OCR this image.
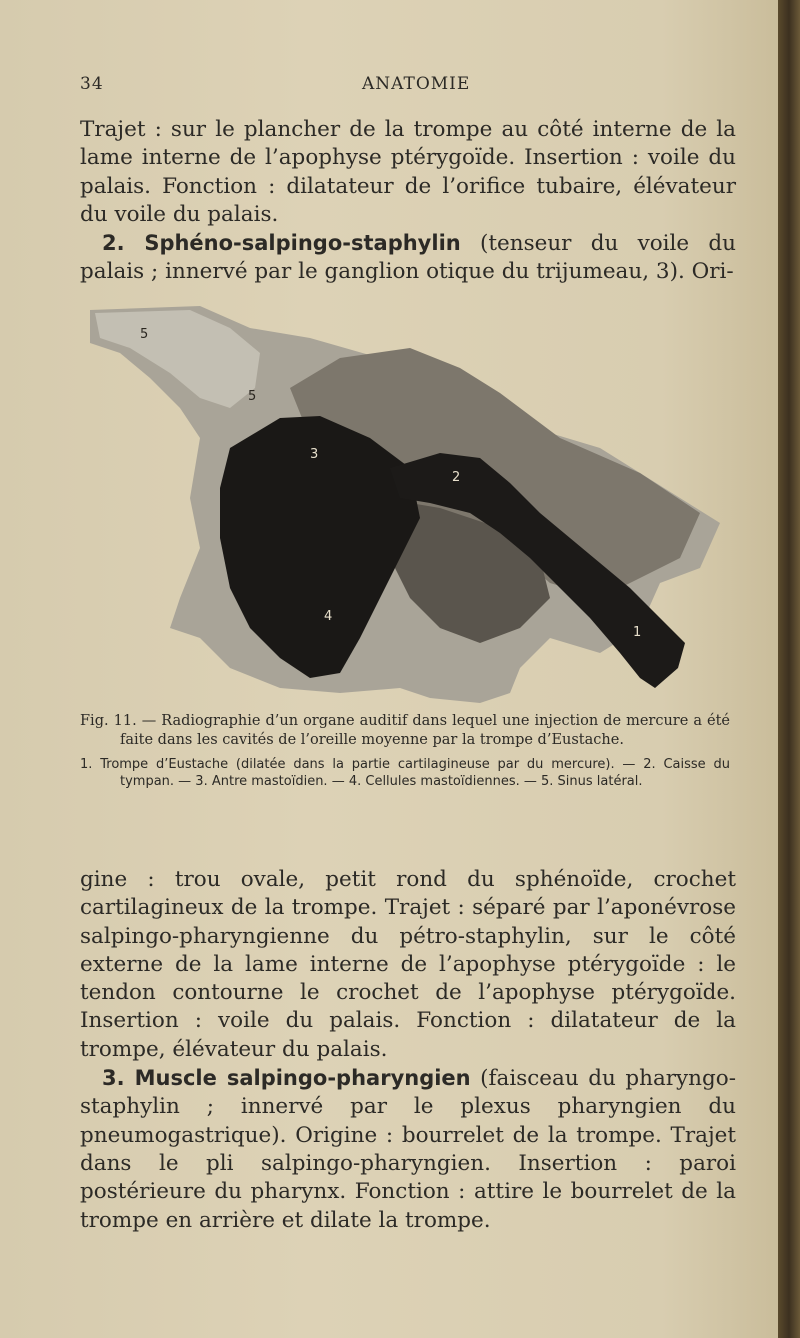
34	ANATOMIE

Trajet : sur le plancher de la trompe au côté interne de la lame interne de l’apophyse ptérygoïde. Insertion : voile du palais. Fonction : dilatateur de l’orifice tubaire, élévateur du voile du palais.

2. Sphéno-salpingo-staphylin (tenseur du voile du palais ; innervé par le ganglion otique du trijumeau, 3). Ori-

5
5
3
2
4
1

Fig. 11. — Radiographie d’un organe auditif dans lequel une injection de mercure a été faite dans les cavités de l’oreille moyenne par la trompe d’Eustache.

1. Trompe d’Eustache (dilatée dans la partie cartilagineuse par du mercure). — 2. Caisse du tympan. — 3. Antre mastoïdien. — 4. Cellules mastoïdiennes. — 5. Sinus latéral.

gine : trou ovale, petit rond du sphénoïde, crochet cartilagineux de la trompe. Trajet : séparé par l’aponévrose salpingo-pharyngienne du pétro-staphylin, sur le côté externe de la lame interne de l’apophyse ptérygoïde : le tendon contourne le crochet de l’apophyse ptérygoïde. Insertion : voile du palais. Fonction : dilatateur de la trompe, élévateur du palais.

3. Muscle salpingo-pharyngien (faisceau du pharyngo-staphylin ; innervé par le plexus pharyngien du pneumogastrique). Origine : bourrelet de la trompe. Trajet dans le pli salpingo-pharyngien. Insertion : paroi postérieure du pharynx. Fonction : attire le bourrelet de la trompe en arrière et dilate la trompe.
